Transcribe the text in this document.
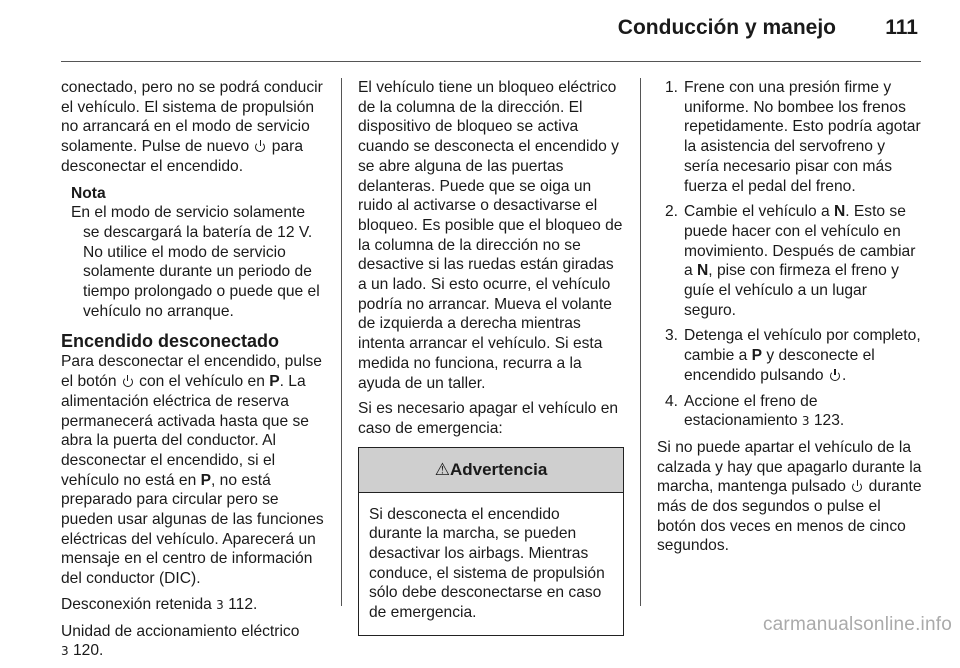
Conducción y manejo 111

conectado, pero no se podrá conducir el vehículo. El sistema de propulsión no arrancará en el modo de servicio solamente. Pulse de nuevo  para desconectar el encendido.

Nota
En el modo de servicio solamente se descargará la batería de 12 V. No utilice el modo de servicio solamente durante un periodo de tiempo prolongado o puede que el vehículo no arranque.
Encendido desconectado

Para desconectar el encendido, pulse el botón  con el vehículo en P. La alimentación eléctrica de reserva permanecerá activada hasta que se abra la puerta del conductor. Al desconectar el encendido, si el vehículo no está en P, no está preparado para circular pero se pueden usar algunas de las funciones eléctricas del vehículo. Aparecerá un mensaje en el centro de información del conductor (DIC).

Desconexión retenida 3 112.

Unidad de accionamiento eléctrico
3 120.

El vehículo tiene un bloqueo eléctrico de la columna de la dirección. El dispositivo de bloqueo se activa cuando se desconecta el encendido y se abre alguna de las puertas delanteras. Puede que se oiga un ruido al activarse o desactivarse el bloqueo. Es posible que el bloqueo de la columna de la dirección no se desactive si las ruedas están giradas a un lado. Si esto ocurre, el vehículo podría no arrancar. Mueva el volante de izquierda a derecha mientras intenta arrancar el vehículo. Si esta medida no funciona, recurra a la ayuda de un taller.

Si es necesario apagar el vehículo en caso de emergencia:

⚠Advertencia
Si desconecta el encendido durante la marcha, se pueden desactivar los airbags. Mientras conduce, el sistema de propulsión sólo debe desconectarse en caso de emergencia.
1. Frene con una presión firme y uniforme. No bombee los frenos repetidamente. Esto podría agotar la asistencia del servofreno y sería necesario pisar con más fuerza el pedal del freno.
2. Cambie el vehículo a N. Esto se puede hacer con el vehículo en movimiento. Después de cambiar a N, pise con firmeza el freno y guíe el vehículo a un lugar seguro.
3. Detenga el vehículo por completo, cambie a P y desconecte el encendido pulsando .
4. Accione el freno de estacionamiento 3 123.

Si no puede apartar el vehículo de la calzada y hay que apagarlo durante la marcha, mantenga pulsado  durante más de dos segundos o pulse el botón dos veces en menos de cinco segundos.

carmanualsonline.info
